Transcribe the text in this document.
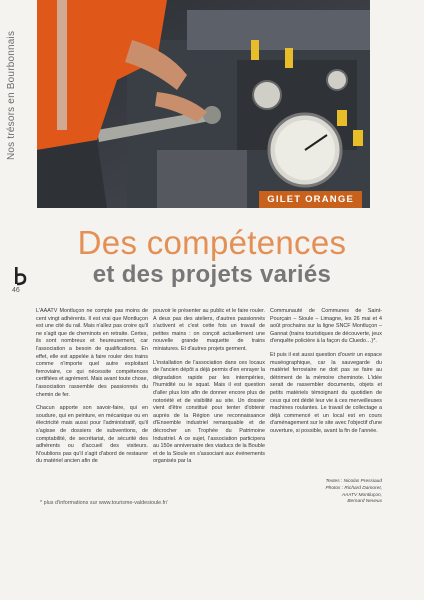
Nos trésors en Bourbonnais
GILET ORANGE
Des compétences
et des projets variés
46

L'AAATV Montluçon ne compte pas moins de cent vingt adhérents. Il est vrai que Montluçon est une cité du rail. Mais n'allez pas croire qu'il ne s'agit que de cheminots en retraite. Certes, ils sont nombreux et heureusement, car l'association a besoin de qualifications. En effet, elle est appelée à faire rouler des trains comme n'importe quel autre exploitant ferroviaire, ce qui nécessite compétences certifiées et agrément. Mais avant toute chose, l'association rassemble des passionnés du chemin de fer.

Chacun apporte son savoir-faire, qui en soudure, qui en peinture, en mécanique ou en électricité mais aussi pour l'administratif, qu'il s'agisse de dossiers de subventions, de comptabilité, de secrétariat, de sécurité des adhérents ou d'accueil des visiteurs. N'oublions pas qu'il s'agit d'abord de restaurer du matériel ancien afin de

pouvoir le présenter au public et le faire rouler. A deux pas des ateliers, d'autres passionnés s'activent et c'est cette fois un travail de petites mains : on conçoit actuellement une nouvelle grande maquette de trains miniatures. Et d'autres projets germent.

L'installation de l'association dans ces locaux de l'ancien dépôt a déjà permis d'en enrayer la dégradation rapide par les intempéries, l'humidité ou le squat. Mais il est question d'aller plus loin afin de donner encore plus de notoriété et de visibilité au site. Un dossier vient d'être constitué pour tenter d'obtenir auprès de la Région une reconnaissance d'Ensemble industriel remarquable et de décrocher un Trophée du Patrimoine Industriel. A ce sujet, l'association participera au 150e anniversaire des viaducs de la Bouble et de la Sioule en s'associant aux événements organisés par la

Communauté de Communes de Saint-Pourçain – Sioule – Limagne, les 26 mai et 4 août prochains sur la ligne SNCF Montluçon – Gannat (trains touristiques de découverte, jeux d'enquête policière à la façon du Cluedo…)*.

Et puis il est aussi question d'ouvrir un espace muséographique, car la sauvegarde du matériel ferroviaire ne doit pas se faire au détriment de la mémoire cheminote. L'idée serait de rassembler documents, objets et petits matériels témoignant du quotidien de ceux qui ont dédié leur vie à ces merveilleuses machines roulantes. Le travail de collectage a déjà commencé et un local est en cours d'aménagement sur le site avec l'objectif d'une ouverture, si possible, avant la fin de l'année.

Textes : Nicolas Pressiaud
Photos : Richard Damoret,
AAATV Montluçon,
Bernard Neveux
* plus d'informations sur www.tourisme-valdesioule.fr/
